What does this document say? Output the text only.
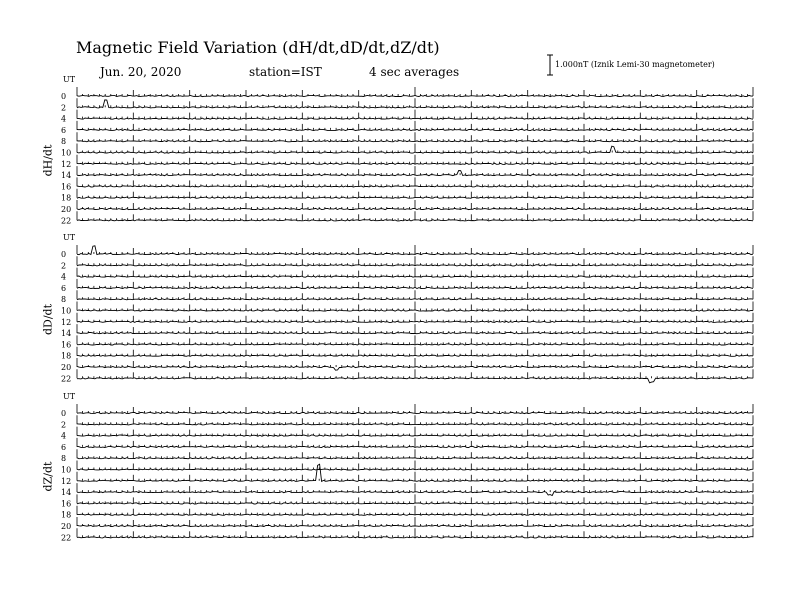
Magnetic Field Variation (dH/dt,dD/dt,dZ/dt)
Jun. 20, 2020	station=IST	4 sec averages
1.000nT (Iznik Lemi-30 magnetometer)
UT
0
2
4
6
8
10
12
14
16
18
20
22
UT
0
2
4
6
8
10
12
14
16
18
20
22
UT
0
2
4
6
8
10
12
14
16
18
20
22
dH/dt
dD/dt
dZ/dt
